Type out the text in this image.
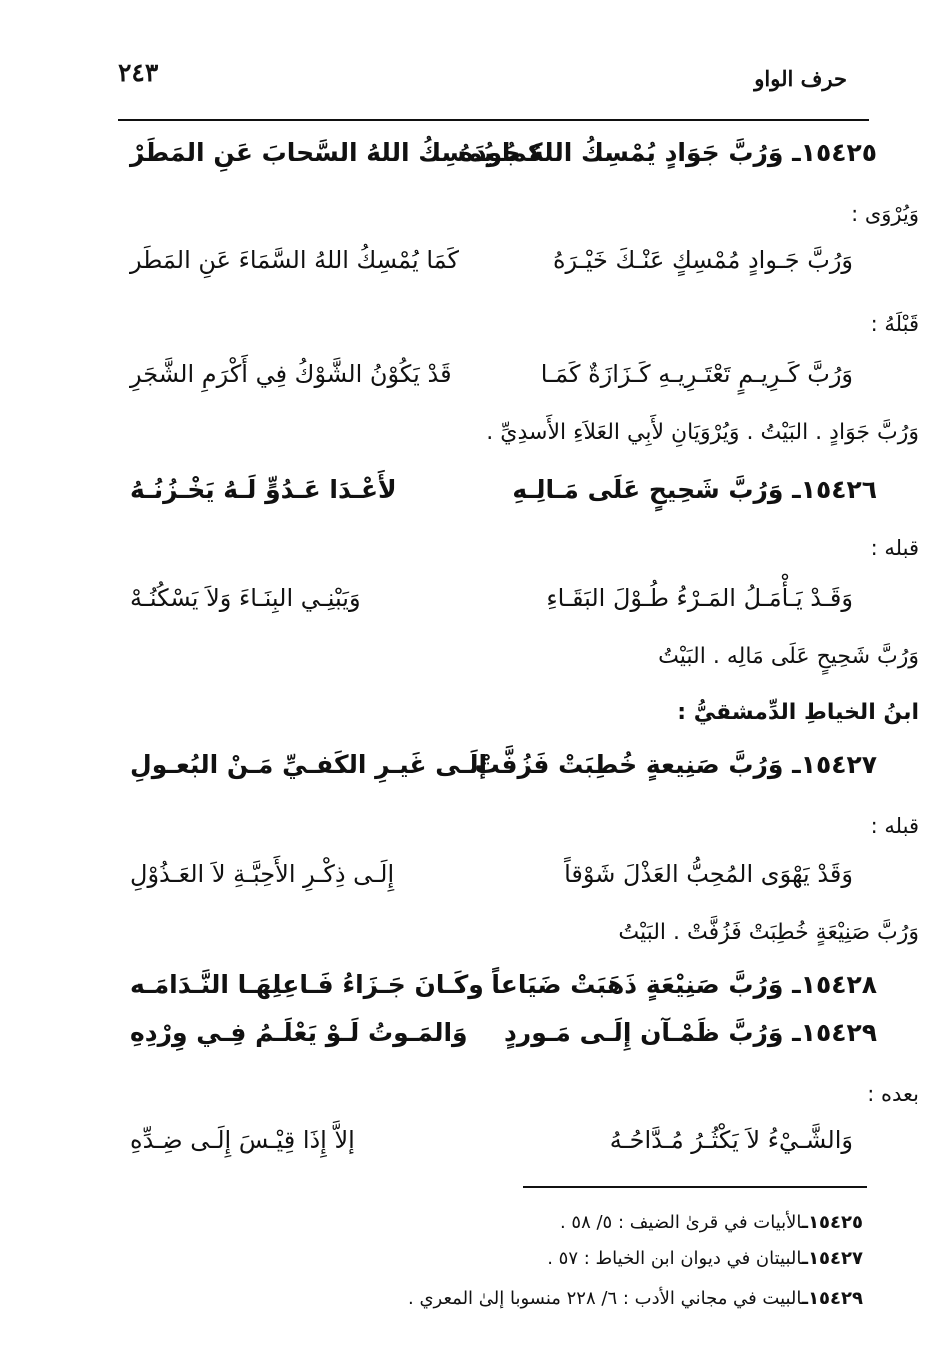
٢٤٣	حرف الواو
١٥٤٢٥ـ وَرُبَّ جَوَادٍ يُمْسِكُ اللهُ جُودَهُ
كما يُمسِكُ اللهُ السَّحابَ عَنِ المَطَرْ
وَيُرْوَى :
وَرُبَّ جَـوادٍ مُمْسِكٍ عَنْـكَ خَيْـرَهُ
كَمَا يُمْسِكُ اللهُ السَّمَاءَ عَنِ المَطَر
قَبْلَهُ :
وَرُبَّ كَـرِيـمٍ تَعْتَـرِيـهِ كَـزَازَةٌ كَمَـا
قَدْ يَكُوْنُ الشَّوْكُ فِي أَكْرَمِ الشَّجَرِ
وَرُبَّ جَوَادٍ . البَيْتُ . وَيُرْوَيَانِ لأَبِي العَلاَءِ الأَسدِيِّ .
١٥٤٢٦ـ وَرُبَّ شَحِيحٍ عَلَى مَـالِـهِ
لأَعْـدَا عَـدُوٍّ لَـهُ يَخْـزُنُـهُ
قبله :
وَقَـدْ يَـأْمَـلُ المَـرْءُ طُـوْلَ البَقَـاءِ
وَيَبْنِـي البِنَـاءَ وَلاَ يَسْكُنُـهْ
وَرُبَّ شَحِيحٍ عَلَى مَالِه . البَيْتُ
ابنُ الخياطِ الدِّمشقيُّ :
١٥٤٢٧ـ وَرُبَّ صَنِيعةٍ خُطِبَتْ فَزُفَّتْ
إلَـى غَيـرِ الكَفـيِّ مَـنْ البُعـولِ
قبله :
وَقَدْ يَهْوَى المُحِبُّ العَذْلَ شَوْقاً
إِلَـى ذِكْـرِ الأَحِبَّـةِ لاَ العَـذُوْلِ
وَرُبَّ صَنِيْعَةٍ خُطِبَتْ فَزُفَّتْ . البَيْتُ
١٥٤٢٨ـ وَرُبَّ صَنِيْعَةٍ ذَهَبَتْ ضَيَاعاً
وكَـانَ جَـزَاءُ فَـاعِلِهَـا النَّـدَامَـه
١٥٤٢٩ـ وَرُبَّ ظَمْـآن إِلَـى مَـوردٍ
وَالمَـوتُ لَـوْ يَعْلَـمُ فِـي وِرْدِهِ
بعده :
وَالشَّـيْءُ لاَ يَكْثُـرُ مُـدَّاحُـهُ
إلاَّ إِذَا قِيْـسَ إِلَـى ضِـدِّهِ
١٥٤٢٥ـالأبيات في قرىٰ الضيف : ٥/ ٥٨ .
١٥٤٢٧ـالبيتان في ديوان ابن الخياط : ٥٧ .
١٥٤٢٩ـالبيت في مجاني الأدب : ٦/ ٢٢٨ منسوبا إلىٰ المعري .
